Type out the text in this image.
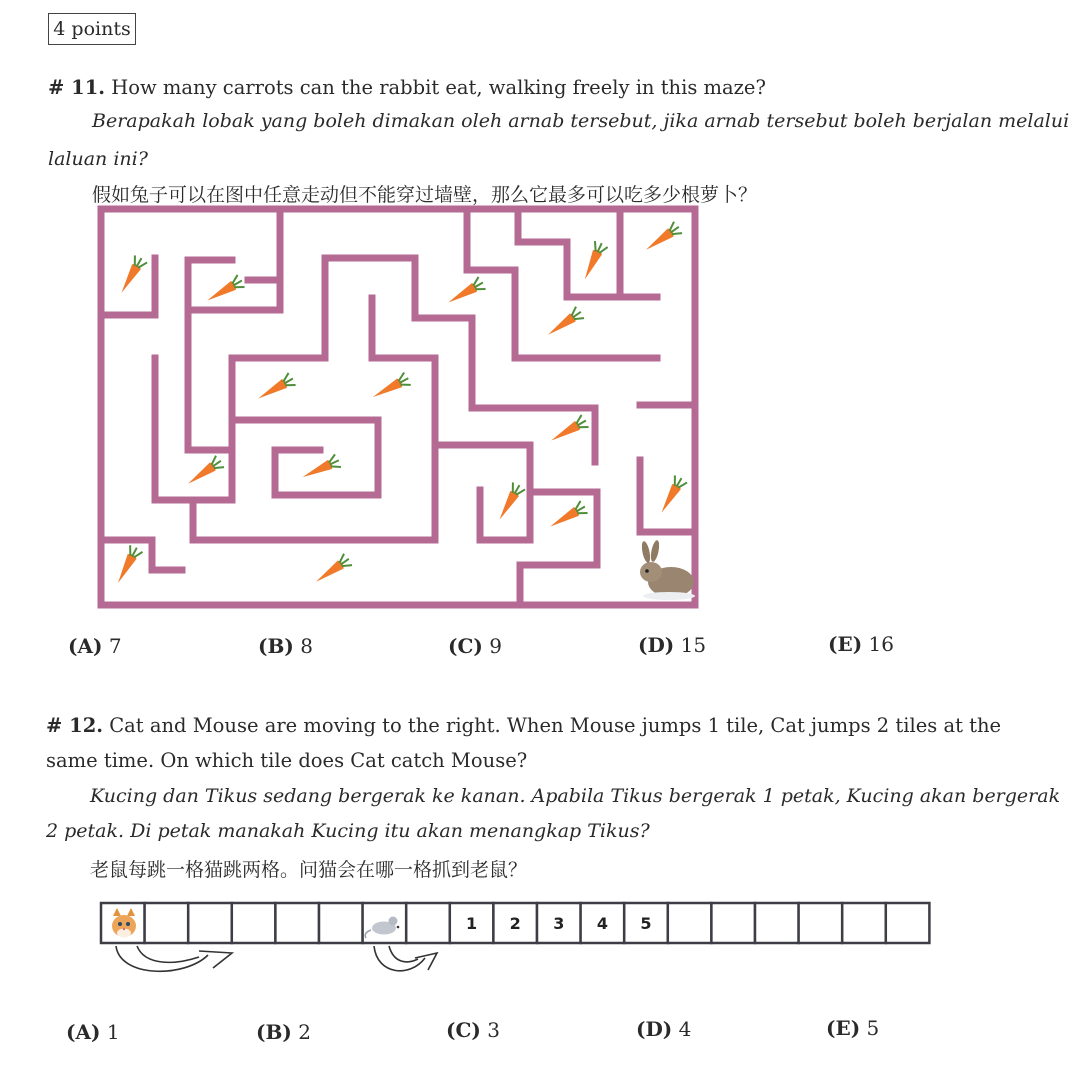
4 points
# 11. How many carrots can the rabbit eat, walking freely in this maze?
Berapakah lobak yang boleh dimakan oleh arnab tersebut, jika arnab tersebut boleh berjalan melalui
laluan ini?
假如兔子可以在图中任意走动但不能穿过墙壁，那么它最多可以吃多少根萝卜？
(A) 7	(B) 8	(C) 9	(D) 15	(E) 16
# 12. Cat and Mouse are moving to the right. When Mouse jumps 1 tile, Cat jumps 2 tiles at the
same time. On which tile does Cat catch Mouse?
Kucing dan Tikus sedang bergerak ke kanan. Apabila Tikus bergerak 1 petak, Kucing akan bergerak
2 petak. Di petak manakah Kucing itu akan menangkap Tikus?
老鼠每跳一格猫跳两格。问猫会在哪一格抓到老鼠？
1 2 3 4 5
(A) 1	(B) 2	(C) 3	(D) 4	(E) 5
